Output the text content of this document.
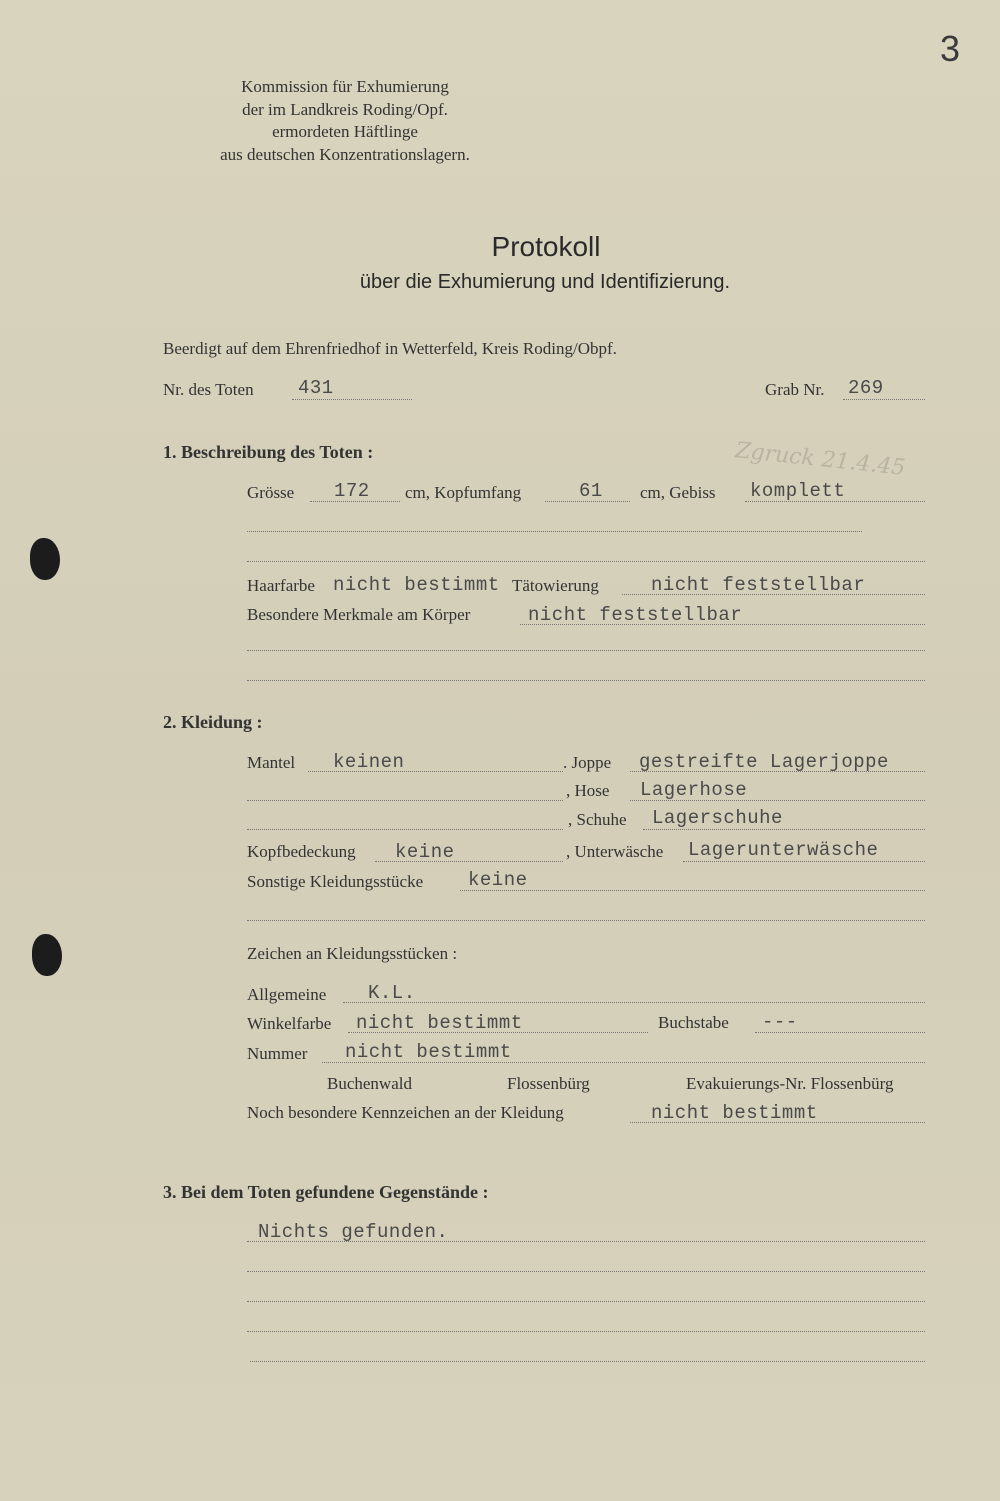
3
Kommission für Exhumierung
der im Landkreis Roding/Opf.
ermordeten Häftlinge
aus deutschen Konzentrationslagern.
Protokoll
über die Exhumierung und Identifizierung.
Beerdigt auf dem Ehrenfriedhof in Wetterfeld, Kreis Roding/Obpf.
Nr. des Toten 431	Grab Nr. 269
1. Beschreibung des Toten :	Zgruck 21.4.45
Grösse 172 cm, Kopfumfang	61 cm, Gebiss komplett
Haarfarbe nicht bestimmt Tätowierung	nicht feststellbar
Besondere Merkmale am Körper	nicht feststellbar
2. Kleidung :
Mantel keinen	. Joppe gestreifte Lagerjoppe
, Hose Lagerhose
, Schuhe Lagerschuhe
Kopfbedeckung keine	, Unterwäsche Lagerunterwäsche
Sonstige Kleidungsstücke keine
Zeichen an Kleidungsstücken :
Allgemeine K.L.
Winkelfarbe nicht bestimmt	Buchstabe ---
Nummer nicht bestimmt
Buchenwald	Flossenbürg	Evakuierungs-Nr. Flossenbürg
Noch besondere Kennzeichen an der Kleidung	nicht bestimmt
3. Bei dem Toten gefundene Gegenstände :
Nichts gefunden.
